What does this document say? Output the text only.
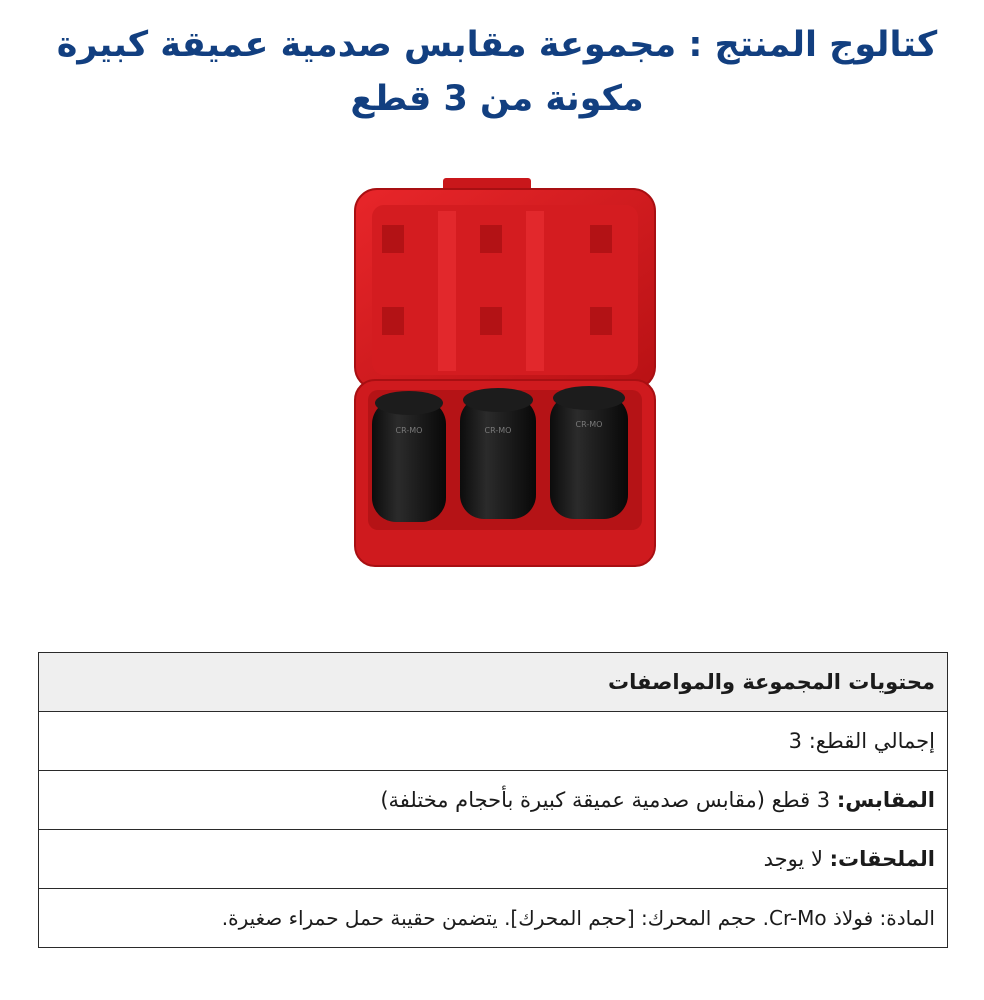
كتالوج المنتج : مجموعة مقابس صدمية عميقة كبيرة
مكونة من 3 قطع
CR-MO	CR-MO
CR-MO
محتويات المجموعة والمواصفات
إجمالي القطع: 3
المقابس: 3 قطع (مقابس صدمية عميقة كبيرة بأحجام مختلفة)
الملحقات: لا يوجد
المادة: فولاذ Cr-Mo. حجم المحرك: [حجم المحرك]. يتضمن حقيبة حمل حمراء صغيرة.
